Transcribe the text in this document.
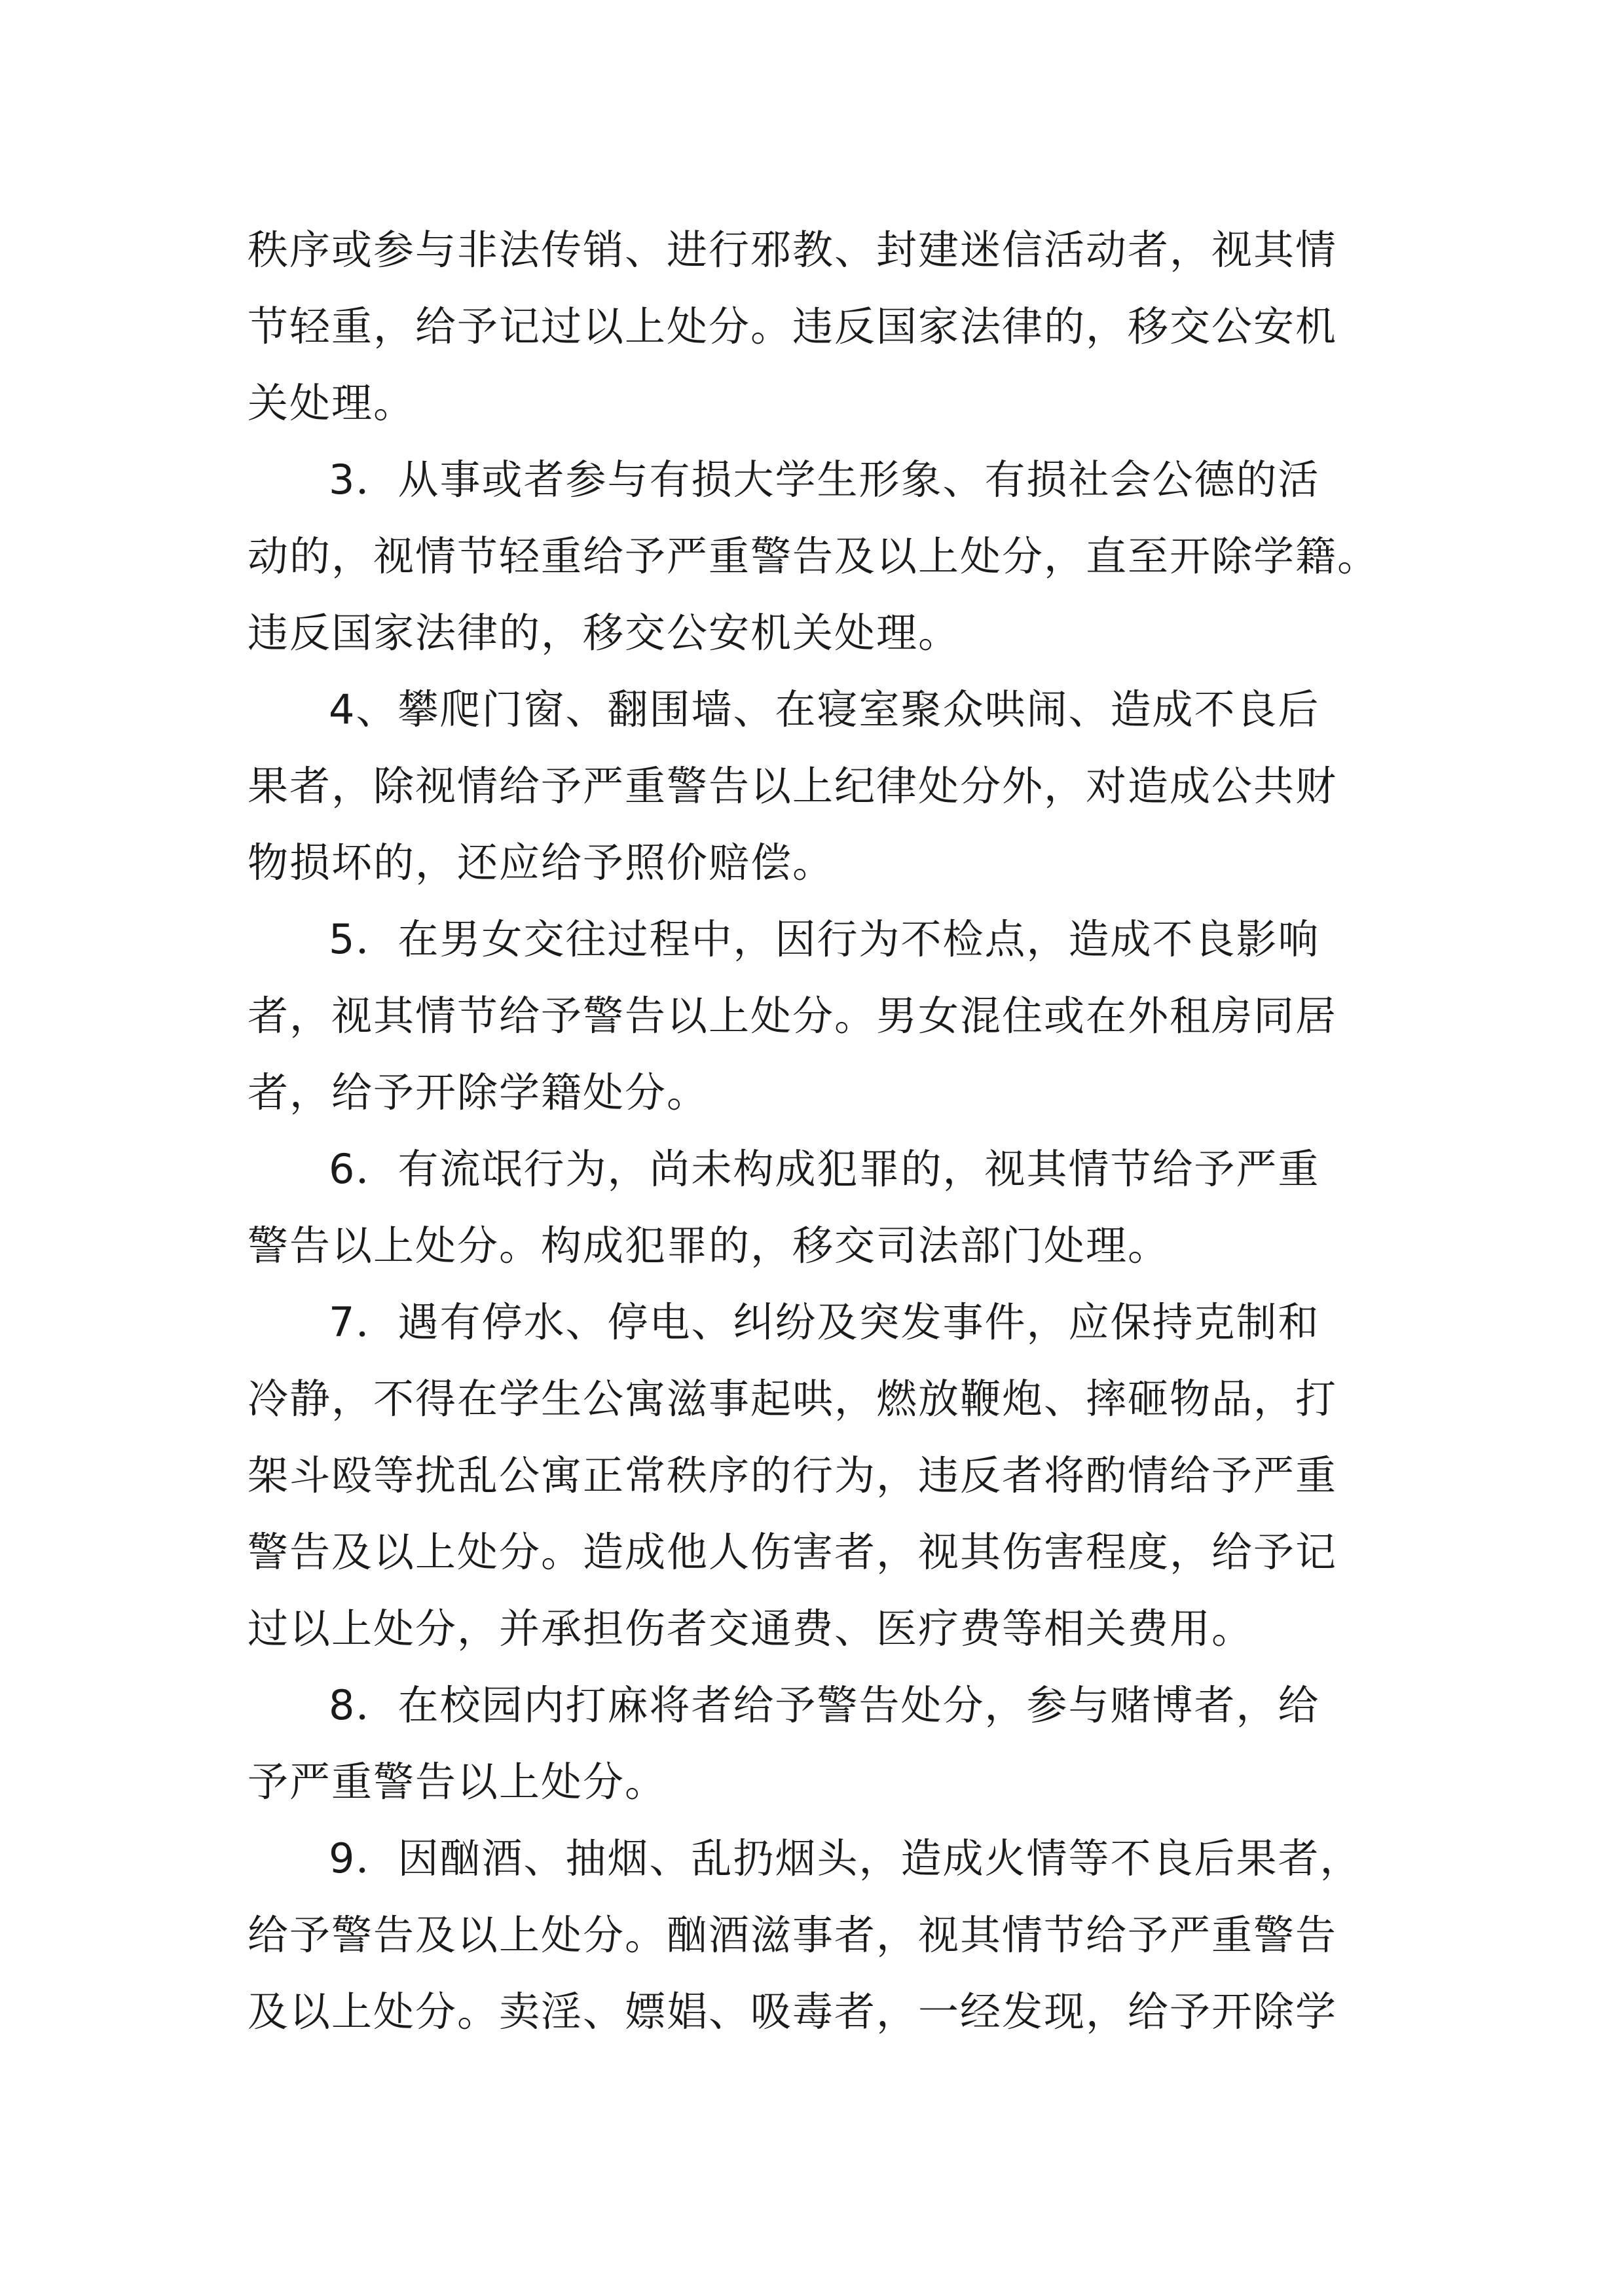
秩序或参与非法传销、进行邪教、封建迷信活动者，视其情
节轻重，给予记过以上处分。违反国家法律的，移交公安机
关处理。
3．从事或者参与有损大学生形象、有损社会公德的活
动的，视情节轻重给予严重警告及以上处分，直至开除学籍。
违反国家法律的，移交公安机关处理。
4、攀爬门窗、翻围墙、在寝室聚众哄闹、造成不良后
果者，除视情给予严重警告以上纪律处分外，对造成公共财
物损坏的，还应给予照价赔偿。
5．在男女交往过程中，因行为不检点，造成不良影响
者，视其情节给予警告以上处分。男女混住或在外租房同居
者，给予开除学籍处分。
6．有流氓行为，尚未构成犯罪的，视其情节给予严重
警告以上处分。构成犯罪的，移交司法部门处理。
7．遇有停水、停电、纠纷及突发事件，应保持克制和
冷静，不得在学生公寓滋事起哄，燃放鞭炮、摔砸物品，打
架斗殴等扰乱公寓正常秩序的行为，违反者将酌情给予严重
警告及以上处分。造成他人伤害者，视其伤害程度，给予记
过以上处分，并承担伤者交通费、医疗费等相关费用。
8．在校园内打麻将者给予警告处分，参与赌博者，给
予严重警告以上处分。
9．因酗酒、抽烟、乱扔烟头，造成火情等不良后果者，
给予警告及以上处分。酗酒滋事者，视其情节给予严重警告
及以上处分。卖淫、嫖娼、吸毒者，一经发现，给予开除学
